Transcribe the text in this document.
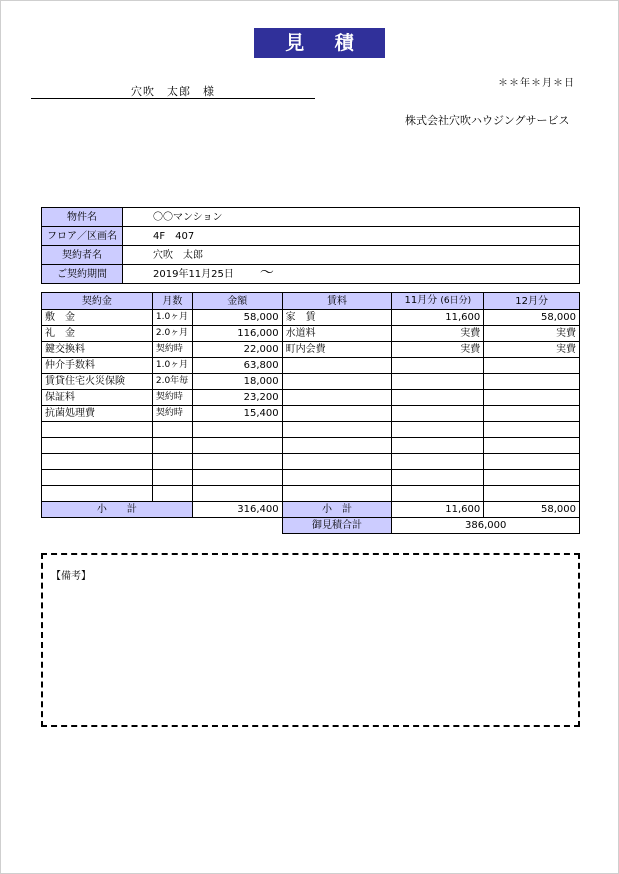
見 積 書	＊＊年＊月＊日
穴吹　太郎　様
株式会社穴吹ハウジングサービス
物件名	〇〇マンション
フロア／区画名	4F　407
契約者名	穴吹　太郎
ご契約期間	2019年11月25日 〜
契約金	月数	金額	賃料	11月分 (6日分)	12月分
敷　金	1.0ヶ月	58,000	家　賃	11,600	58,000
礼　金	2.0ヶ月	116,000	水道料	実費	実費
鍵交換料	契約時	22,000	町内会費	実費	実費
仲介手数料	1.0ヶ月	63,800			
賃貸住宅火災保険	2.0年毎	18,000			
保証料	契約時	23,200			
抗菌処理費	契約時	15,400			

小　　計		316,400	小　計	11,600	58,000
			御見積合計	386,000	
【備考】
